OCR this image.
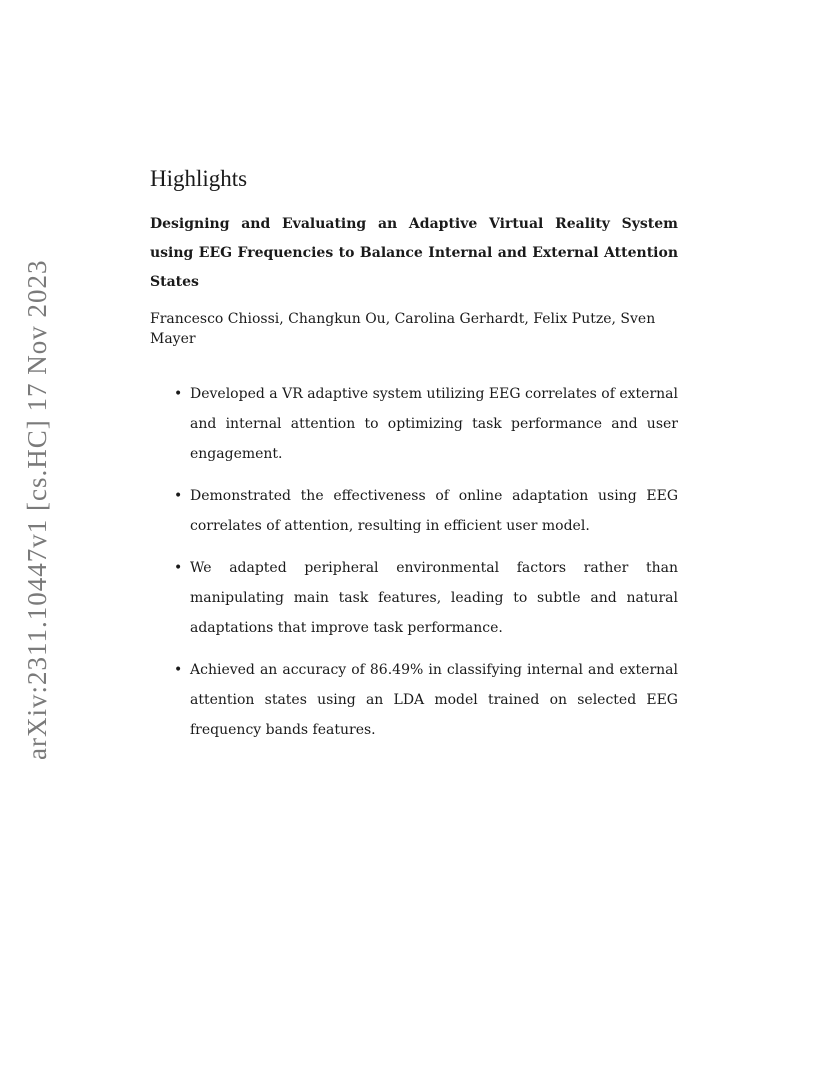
arXiv:2311.10447v1 [cs.HC] 17 Nov 2023
Highlights
Designing and Evaluating an Adaptive Virtual Reality System using EEG Frequencies to Balance Internal and External Attention States
Francesco Chiossi, Changkun Ou, Carolina Gerhardt, Felix Putze, Sven Mayer
• Developed a VR adaptive system utilizing EEG correlates of external and internal attention to optimizing task performance and user engagement.
• Demonstrated the effectiveness of online adaptation using EEG correlates of attention, resulting in efficient user model.
• We adapted peripheral environmental factors rather than manipulating main task features, leading to subtle and natural adaptations that improve task performance.
• Achieved an accuracy of 86.49% in classifying internal and external attention states using an LDA model trained on selected EEG frequency bands features.
